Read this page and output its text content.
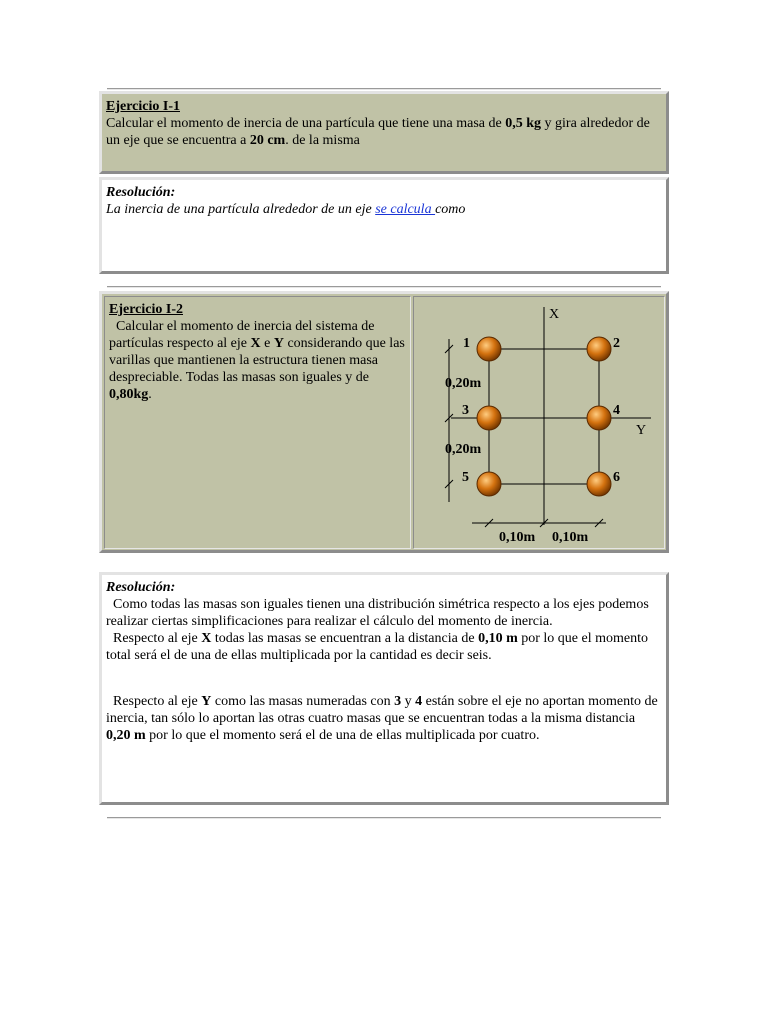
Ejercicio I-1

Calcular el momento de inercia de una partícula que tiene una masa de 0,5 kg y gira alrededor de un eje que se encuentra a 20 cm. de la misma

Resolución:

La inercia de una partícula alrededor de un eje se calcula como

Ejercicio I-2

Calcular el momento de inercia del sistema de partículas respecto al eje X e Y considerando que las varillas que mantienen la estructura tienen masa despreciable. Todas las masas son iguales y de 0,80kg.

X
Y
1	2
3	4
5	6
0,20m
0,20m
0,10m 0,10m
Resolución:

Como todas las masas son iguales tienen una distribución simétrica respecto a los ejes podemos realizar ciertas simplificaciones para realizar el cálculo del momento de inercia.

Respecto al eje X todas las masas se encuentran a la distancia de 0,10 m por lo que el momento total será el de una de ellas multiplicada por la cantidad es decir seis.

Respecto al eje Y como las masas numeradas con 3 y 4 están sobre el eje no aportan momento de inercia, tan sólo lo aportan las otras cuatro masas que se encuentran todas a la misma distancia 0,20 m por lo que el momento será el de una de ellas multiplicada por cuatro.
